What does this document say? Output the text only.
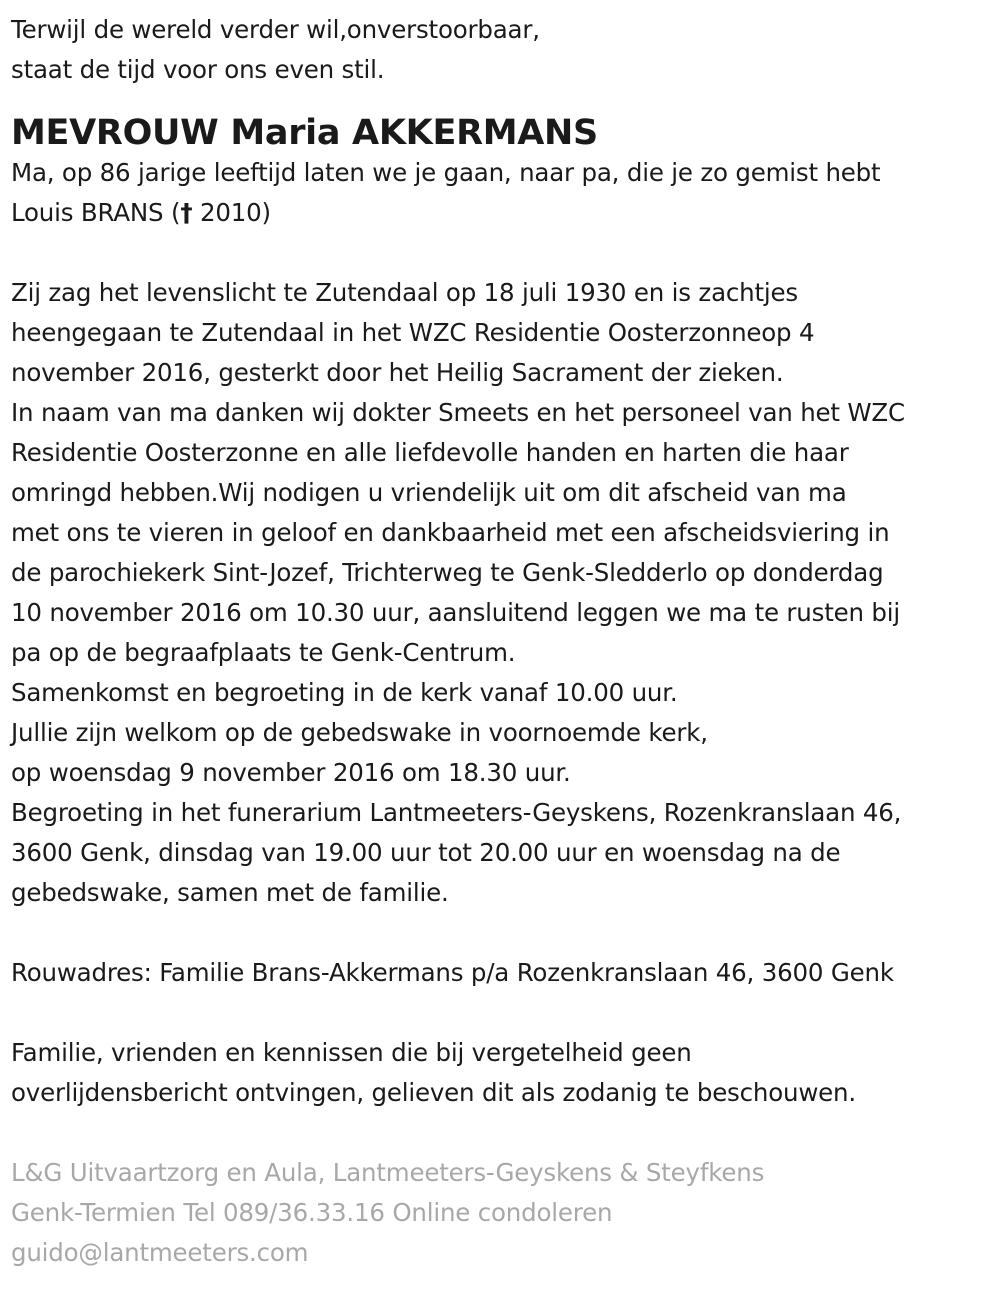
Terwijl de wereld verder wil,onverstoorbaar,
staat de tijd voor ons even stil.
MEVROUW Maria AKKERMANS
Ma, op 86 jarige leeftijd laten we je gaan, naar pa, die je zo gemist hebt
Louis BRANS († 2010)
Zij zag het levenslicht te Zutendaal op 18 juli 1930 en is zachtjes
heengegaan te Zutendaal in het WZC Residentie Oosterzonneop 4
november 2016, gesterkt door het Heilig Sacrament der zieken.
In naam van ma danken wij dokter Smeets en het personeel van het WZC
Residentie Oosterzonne en alle liefdevolle handen en harten die haar
omringd hebben.Wij nodigen u vriendelijk uit om dit afscheid van ma
met ons te vieren in geloof en dankbaarheid met een afscheidsviering in
de parochiekerk Sint-Jozef, Trichterweg te Genk-Sledderlo op donderdag
10 november 2016 om 10.30 uur, aansluitend leggen we ma te rusten bij
pa op de begraafplaats te Genk-Centrum.
Samenkomst en begroeting in de kerk vanaf 10.00 uur.
Jullie zijn welkom op de gebedswake in voornoemde kerk,
op woensdag 9 november 2016 om 18.30 uur.
Begroeting in het funerarium Lantmeeters-Geyskens, Rozenkranslaan 46,
3600 Genk, dinsdag van 19.00 uur tot 20.00 uur en woensdag na de
gebedswake, samen met de familie.
Rouwadres: Familie Brans-Akkermans p/a Rozenkranslaan 46, 3600 Genk
Familie, vrienden en kennissen die bij vergetelheid geen
overlijdensbericht ontvingen, gelieven dit als zodanig te beschouwen.
L&G Uitvaartzorg en Aula, Lantmeeters-Geyskens & Steyfkens
Genk-Termien Tel 089/36.33.16 Online condoleren
guido@lantmeeters.com
